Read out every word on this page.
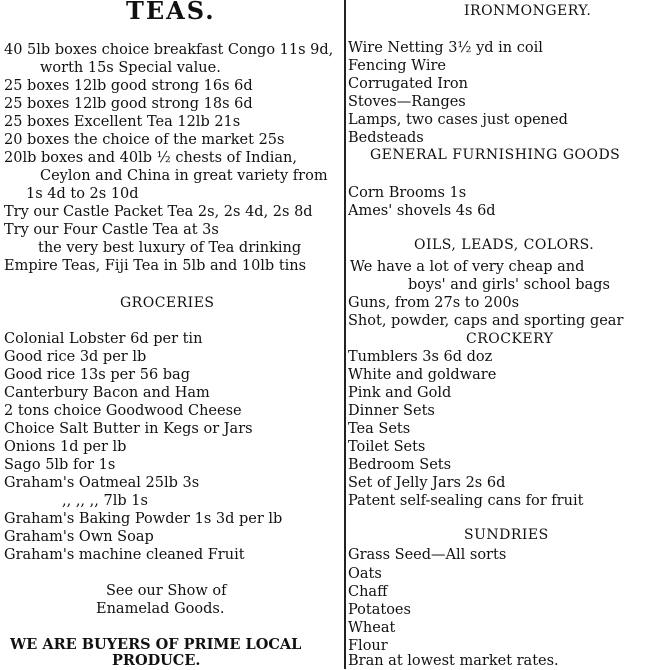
TEAS.
40 5lb boxes choice breakfast Congo 11s 9d,
worth 15s Special value.
25 boxes 12lb good strong 16s 6d
25 boxes 12lb good strong 18s 6d
25 boxes Excellent Tea 12lb 21s
20 boxes the choice of the market 25s
20lb boxes and 40lb ½ chests of Indian,
Ceylon and China in great variety from
1s 4d to 2s 10d
Try our Castle Packet Tea 2s, 2s 4d, 2s 8d
Try our Four Castle Tea at 3s
the very best luxury of Tea drinking
Empire Teas, Fiji Tea in 5lb and 10lb tins
GROCERIES
Colonial Lobster 6d per tin
Good rice 3d per lb
Good rice 13s per 56 bag
Canterbury Bacon and Ham
2 tons choice Goodwood Cheese
Choice Salt Butter in Kegs or Jars
Onions 1d per lb
Sago 5lb for 1s
Graham's Oatmeal 25lb 3s
,, ,, ,, 7lb 1s
Graham's Baking Powder 1s 3d per lb
Graham's Own Soap
Graham's machine cleaned Fruit
See our Show of
Enamelad Goods.
WE ARE BUYERS OF PRIME LOCAL
PRODUCE.
IRONMONGERY.
Wire Netting 3½ yd in coil
Fencing Wire
Corrugated Iron
Stoves—Ranges
Lamps, two cases just opened
Bedsteads
GENERAL FURNISHING GOODS
Corn Brooms 1s
Ames' shovels 4s 6d
OILS, LEADS, COLORS.
We have a lot of very cheap and
boys' and girls' school bags
Guns, from 27s to 200s
Shot, powder, caps and sporting gear
CROCKERY
Tumblers 3s 6d doz
White and goldware
Pink and Gold
Dinner Sets
Tea Sets
Toilet Sets
Bedroom Sets
Set of Jelly Jars 2s 6d
Patent self-sealing cans for fruit
SUNDRIES
Grass Seed—All sorts
Oats
Chaff
Potatoes
Wheat
Flour
Bran at lowest market rates.
